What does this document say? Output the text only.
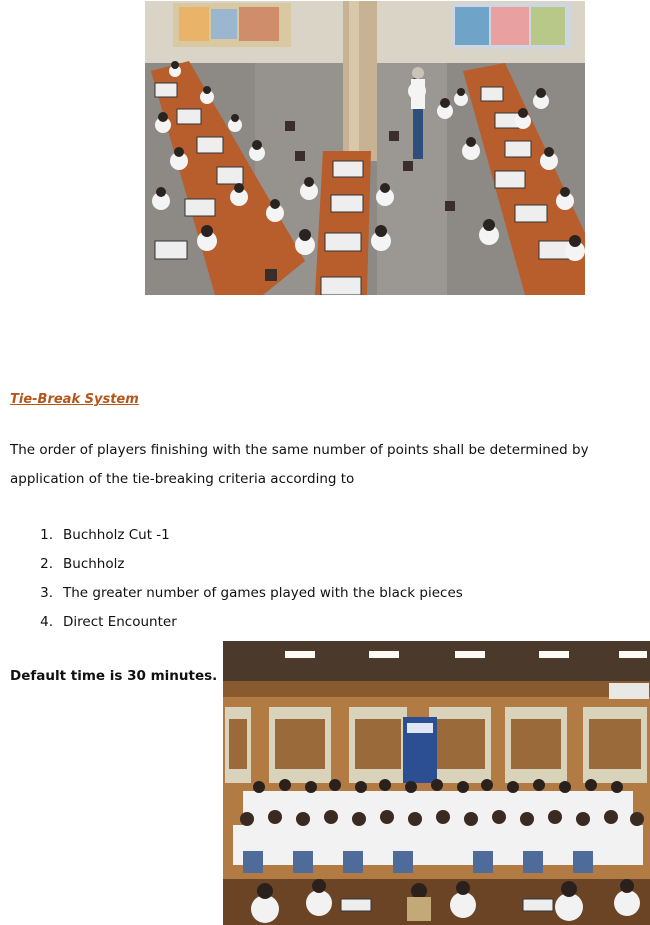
Tie-Break System

The order of players finishing with the same number of points shall be determined by application of the tie-breaking criteria according to

1. Buchholz Cut -1
2. Buchholz
3. The greater number of games played with the black pieces
4. Direct Encounter

Default time is 30 minutes.
